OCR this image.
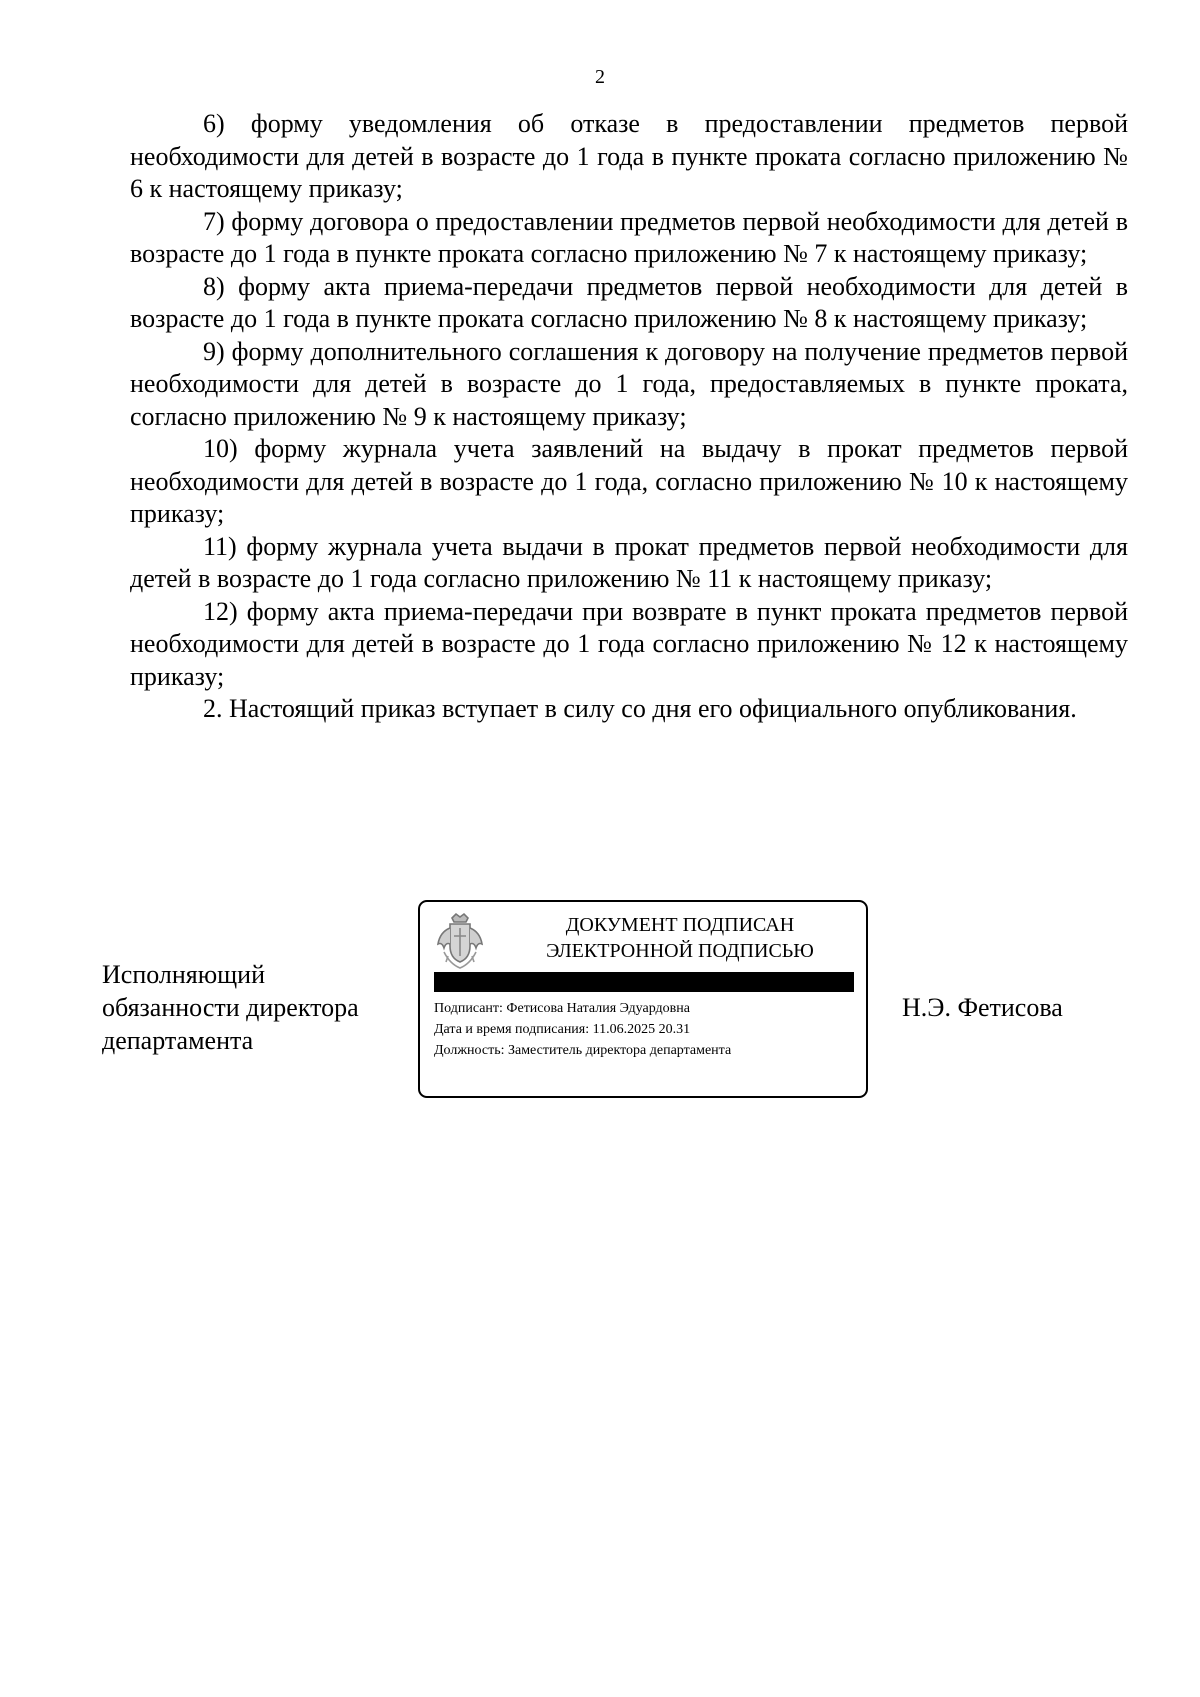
2

6) форму уведомления об отказе в предоставлении предметов первой необходимости для детей в возрасте до 1 года в пункте проката согласно приложению № 6 к настоящему приказу;

7) форму договора о предоставлении предметов первой необходимости для детей в возрасте до 1 года в пункте проката согласно приложению № 7 к настоящему приказу;

8) форму акта приема-передачи предметов первой необходимости для детей в возрасте до 1 года в пункте проката согласно приложению № 8 к настоящему приказу;

9) форму дополнительного соглашения к договору на получение предметов первой необходимости для детей в возрасте до 1 года, предоставляемых в пункте проката, согласно приложению № 9 к настоящему приказу;

10) форму журнала учета заявлений на выдачу в прокат предметов первой необходимости для детей в возрасте до 1 года, согласно приложению № 10 к настоящему приказу;

11) форму журнала учета выдачи в прокат предметов первой необходимости для детей в возрасте до 1 года согласно приложению № 11 к настоящему приказу;

12) форму акта приема-передачи при возврате в пункт проката предметов первой необходимости для детей в возрасте до 1 года согласно приложению № 12 к настоящему приказу;

2. Настоящий приказ вступает в силу со дня его официального опубликования.

Исполняющий
обязанности директора
департамента
ДОКУМЕНТ ПОДПИСАН
ЭЛЕКТРОННОЙ ПОДПИСЬЮ
Подписант: Фетисова Наталия Эдуардовна
Дата и время подписания: 11.06.2025 20.31
Должность: Заместитель директора департамента
Н.Э. Фетисова
